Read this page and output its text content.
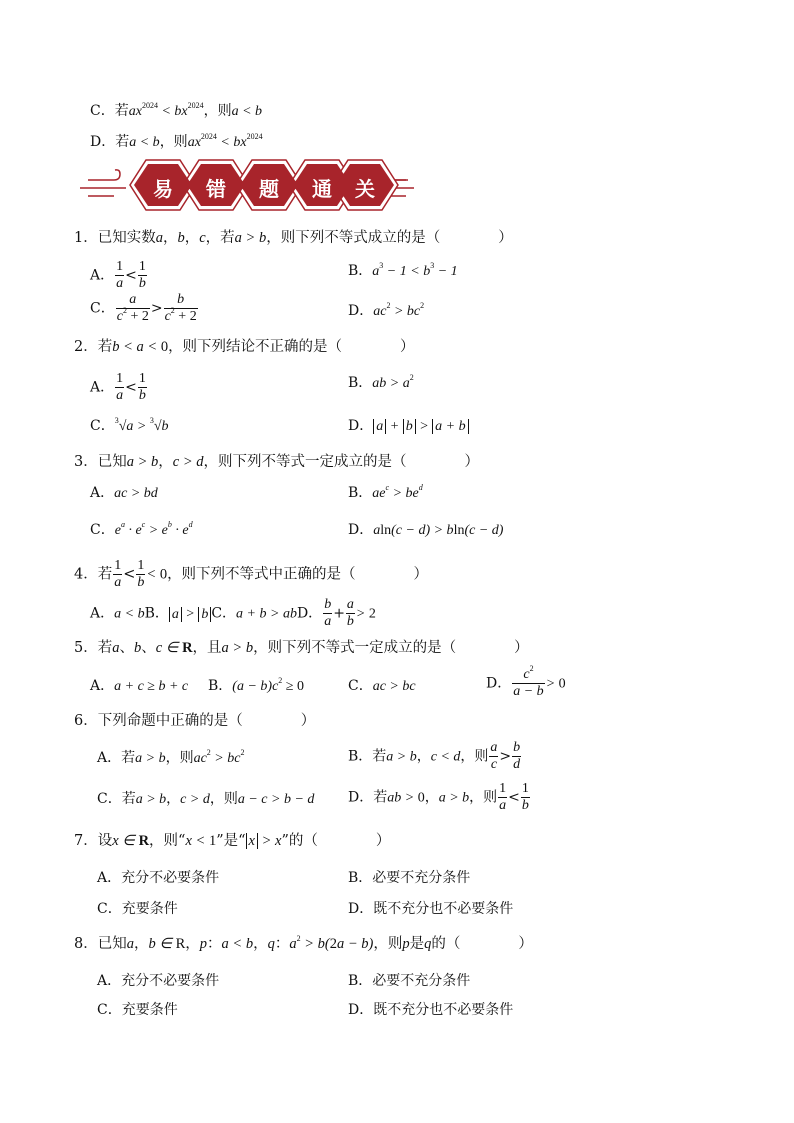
C．若$ax^{2024} < bx^{2024}$，则a < b
D．若a < b，则$ax^{2024} < bx^{2024}$
易 错 题 通 关
1．已知实数a，b，c，若a > b，则下列不等式成立的是（　　　　）
A． $\frac{1}{a} < \frac{1}{b}$	B．$a^3 - 1 < b^3 - 1$
C． $\frac{a}{c^2 + 2} > \frac{b}{c^2 + 2}$	D．$ac^2 > bc^2$
2．若b < a < 0，则下列结论不正确的是（　　　　）
A． $\frac{1}{a} < \frac{1}{b}$	B．ab > $a^2$
C．$^3$√a > $^3$√b	D． a + b > a + b
3．已知a > b，c > d，则下列不等式一定成立的是（　　　　）
A．ac > bd	B．$ae^c > be^d$
C．$e^a \cdot e^c > e^b \cdot e^d$	D．aln(c − d) > bln(c − d)
4．若 $\frac{1}{a} < \frac{1}{b} < 0$，则下列不等式中正确的是（　　　　）
A．a < bB． a > b C．a + b > abD． $\frac{b}{a} + \frac{a}{b} > 2$
5．若a、b、c ∈ R，且a > b，则下列不等式一定成立的是（　　　　）
A．a + c ≥ b + c B．$(a - b)c^2 \ge 0$	C．ac > bc	D． $\frac{c^2}{a - b} > 0$
6．下列命题中正确的是（　　　　）
A．若a > b，则$ac^2 > bc^2$	B．若a > b，c < d，则 $\frac{a}{c} > \frac{b}{d}$
C．若a > b，c > d，则a − c > b − d D．若ab > 0，a > b，则 $\frac{1}{a} < \frac{1}{b}$
7．设x ∈ R，则“x < 1”是“ x > x”的（　　　　）
A．充分不必要条件	B．必要不充分条件
C．充要条件	D．既不充分也不必要条件
8．已知a，b ∈ R，p：a < b，q：$a^2 > b(2a - b)$，则p是q的（　　　　）
A．充分不必要条件	B．必要不充分条件
C．充要条件	D．既不充分也不必要条件
